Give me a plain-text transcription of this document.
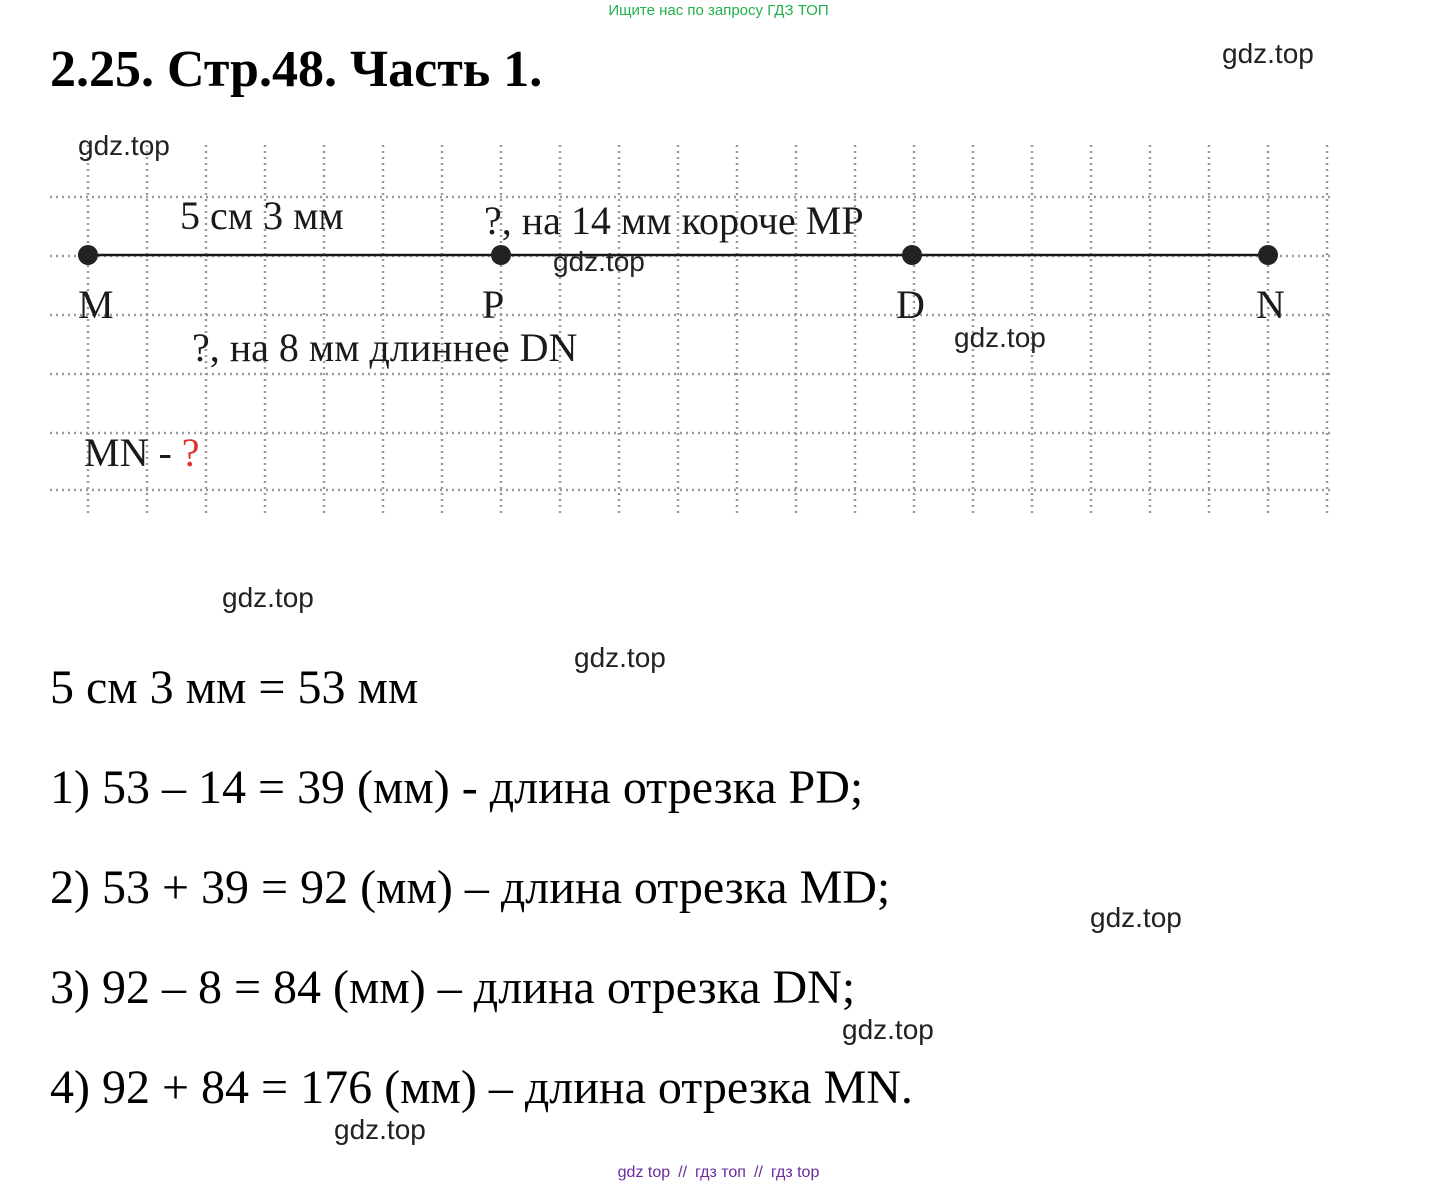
Ищите нас по запросу ГДЗ ТОП
2.25. Стр.48. Часть 1.
M	P	D	N
5 см 3 мм	?, на 14 мм короче MP
?, на 8 мм длиннее DN
MN - ?
gdz.top
gdz.top
gdz.top
gdz.top
gdz.top
gdz.top
gdz.top
gdz.top
gdz.top
5 см 3 мм = 53 мм
1) 53 – 14 = 39 (мм) - длина отрезка PD;
2) 53 + 39 = 92 (мм) – длина отрезка MD;
3) 92 – 8 = 84 (мм) – длина отрезка DN;
4) 92 + 84 = 176 (мм) – длина отрезка MN.
gdz top // гдз топ // гдз top
